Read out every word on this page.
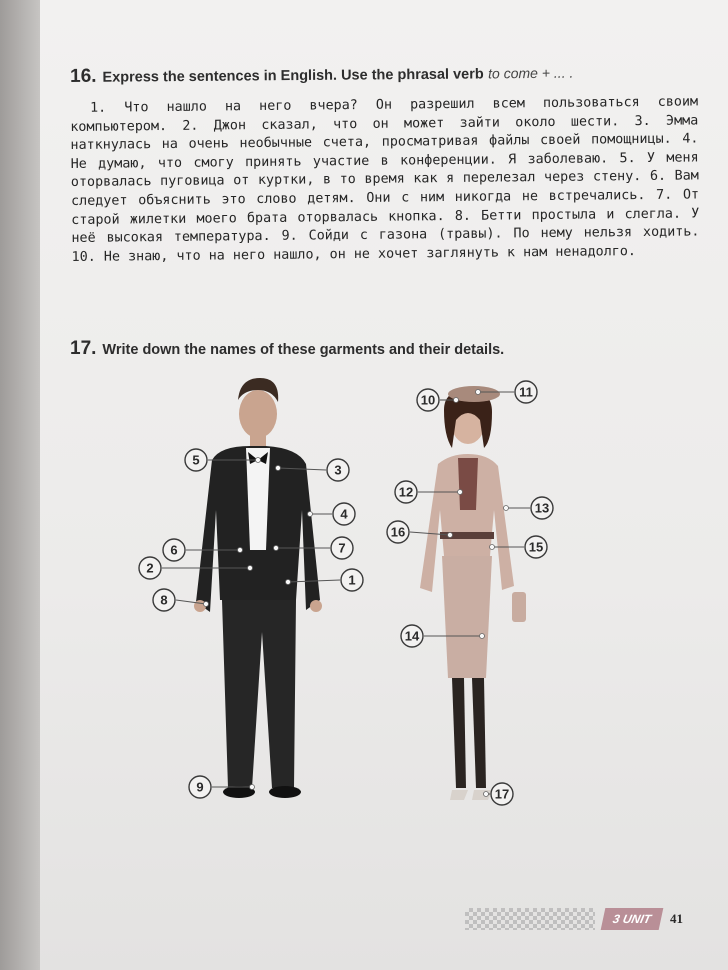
16. Express the sentences in English. Use the phrasal verb to come + ... .

1. Что нашло на него вчера? Он разрешил всем пользоваться своим компьютером. 2. Джон сказал, что он может зайти около шести. 3. Эмма наткнулась на очень необычные счета, просматривая файлы своей помощницы. 4. Не думаю, что смогу принять участие в конференции. Я заболеваю. 5. У меня оторвалась пуговица от куртки, в то время как я перелезал через стену. 6. Вам следует объяснить это слово детям. Они с ним никогда не встречались. 7. От старой жилетки моего брата оторвалась кнопка. 8. Бетти простыла и слегла. У неё высокая температура. 9. Сойди с газона (травы). По нему нельзя ходить. 10. Не знаю, что на него нашло, он не хочет заглянуть к нам ненадолго.

17. Write down the names of these garments and their details.
1
2
3
4
5
6	7
8
9
10
11
12
13
14
15
16
17
3 UNIT	41
